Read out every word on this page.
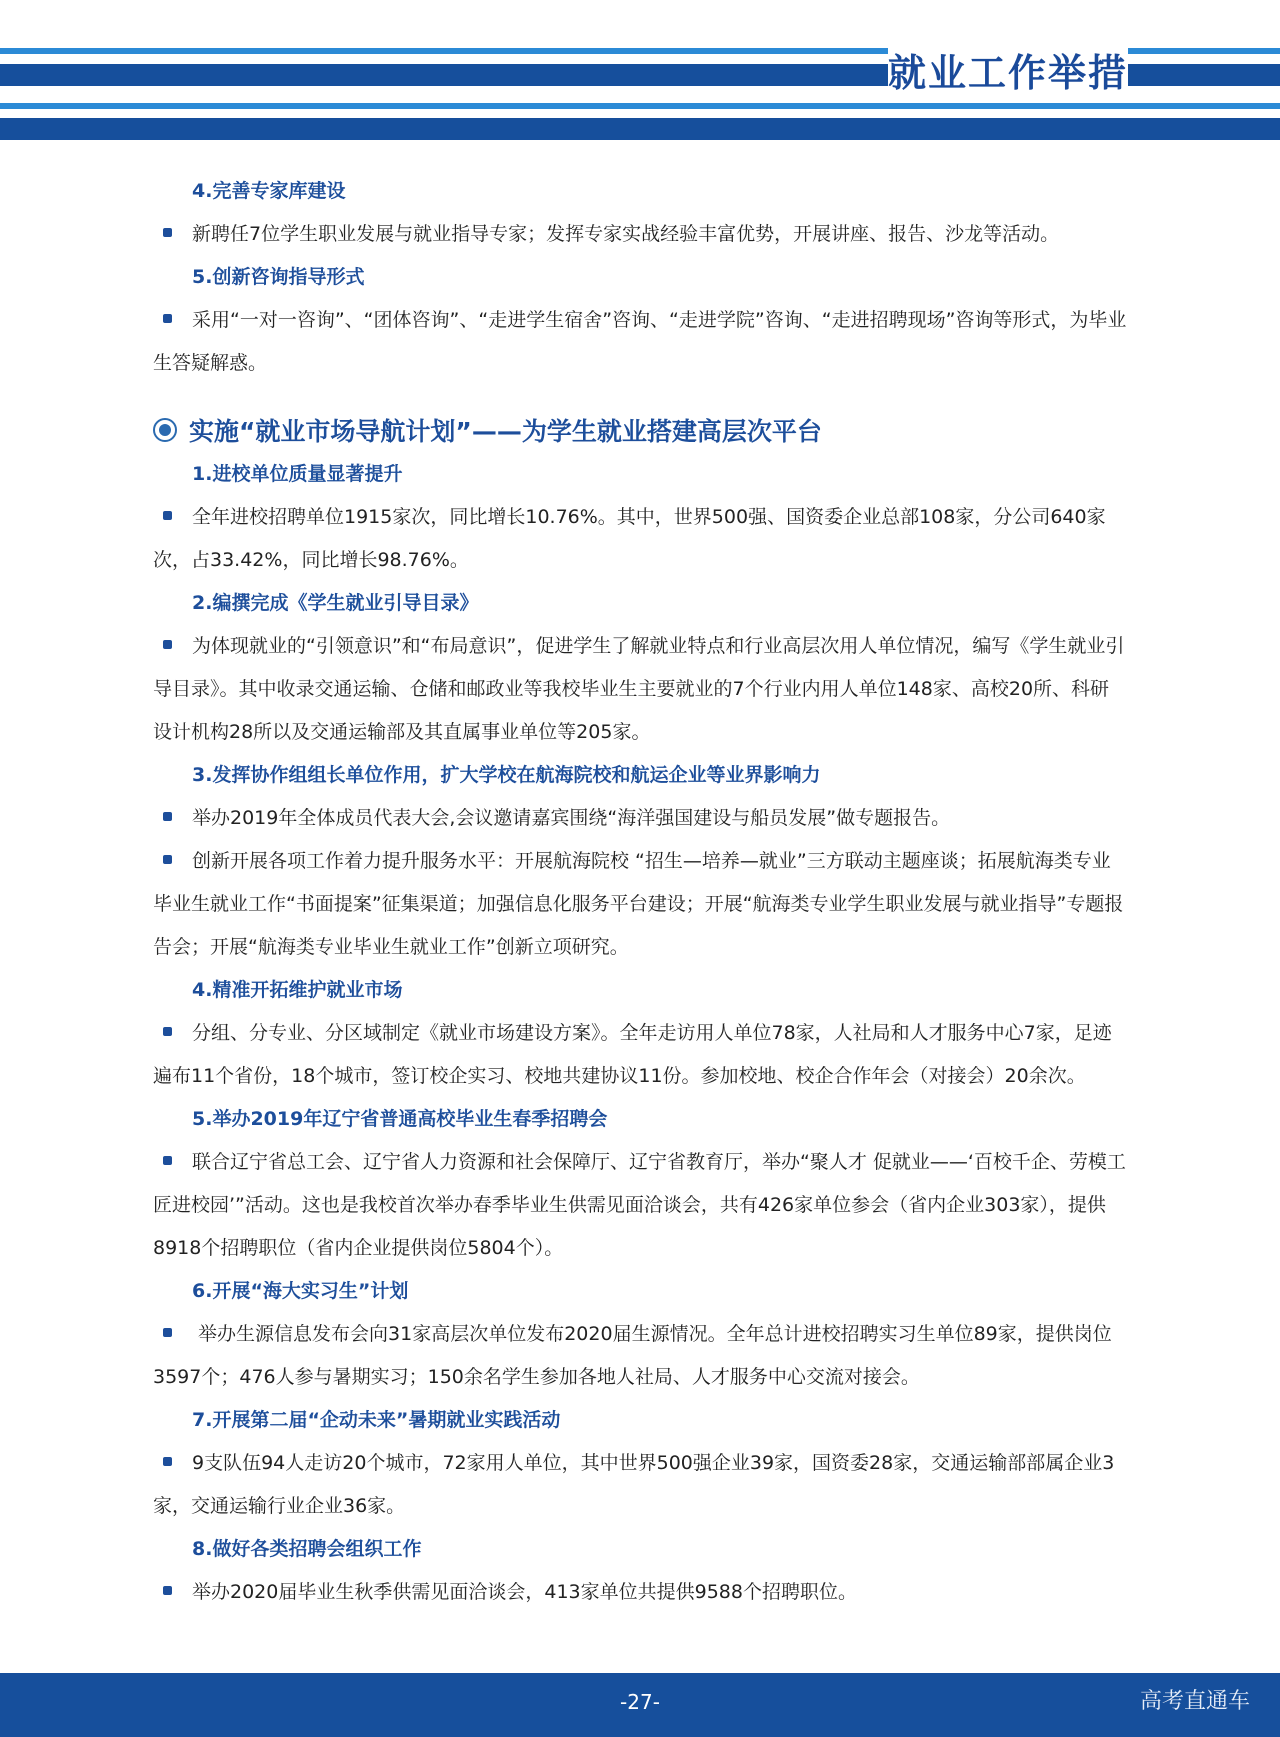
就业工作举措
4.完善专家库建设

新聘任7位学生职业发展与就业指导专家；发挥专家实战经验丰富优势，开展讲座、报告、沙龙等活动。

5.创新咨询指导形式

采用“一对一咨询”、“团体咨询”、“走进学生宿舍”咨询、“走进学院”咨询、“走进招聘现场”咨询等形式，为毕业生答疑解惑。

实施“就业市场导航计划”——为学生就业搭建高层次平台
1.进校单位质量显著提升

全年进校招聘单位1915家次，同比增长10.76%。其中，世界500强、国资委企业总部108家，分公司640家次，占33.42%，同比增长98.76%。

2.编撰完成《学生就业引导目录》

为体现就业的“引领意识”和“布局意识”，促进学生了解就业特点和行业高层次用人单位情况，编写《学生就业引导目录》。其中收录交通运输、仓储和邮政业等我校毕业生主要就业的7个行业内用人单位148家、高校20所、科研设计机构28所以及交通运输部及其直属事业单位等205家。

3.发挥协作组组长单位作用，扩大学校在航海院校和航运企业等业界影响力

举办2019年全体成员代表大会,会议邀请嘉宾围绕“海洋强国建设与船员发展”做专题报告。

创新开展各项工作着力提升服务水平：开展航海院校 “招生—培养—就业”三方联动主题座谈；拓展航海类专业毕业生就业工作“书面提案”征集渠道；加强信息化服务平台建设；开展“航海类专业学生职业发展与就业指导”专题报告会；开展“航海类专业毕业生就业工作”创新立项研究。

4.精准开拓维护就业市场

分组、分专业、分区域制定《就业市场建设方案》。全年走访用人单位78家，人社局和人才服务中心7家，足迹遍布11个省份，18个城市，签订校企实习、校地共建协议11份。参加校地、校企合作年会（对接会）20余次。

5.举办2019年辽宁省普通高校毕业生春季招聘会

联合辽宁省总工会、辽宁省人力资源和社会保障厅、辽宁省教育厅，举办“聚人才 促就业——‘百校千企、劳模工匠进校园’”活动。这也是我校首次举办春季毕业生供需见面洽谈会，共有426家单位参会（省内企业303家），提供8918个招聘职位（省内企业提供岗位5804个）。

6.开展“海大实习生”计划

举办生源信息发布会向31家高层次单位发布2020届生源情况。全年总计进校招聘实习生单位89家，提供岗位3597个；476人参与暑期实习；150余名学生参加各地人社局、人才服务中心交流对接会。

7.开展第二届“企动未来”暑期就业实践活动

9支队伍94人走访20个城市，72家用人单位，其中世界500强企业39家，国资委28家，交通运输部部属企业3家，交通运输行业企业36家。

8.做好各类招聘会组织工作

举办2020届毕业生秋季供需见面洽谈会，413家单位共提供9588个招聘职位。

-27-	高考直通车
